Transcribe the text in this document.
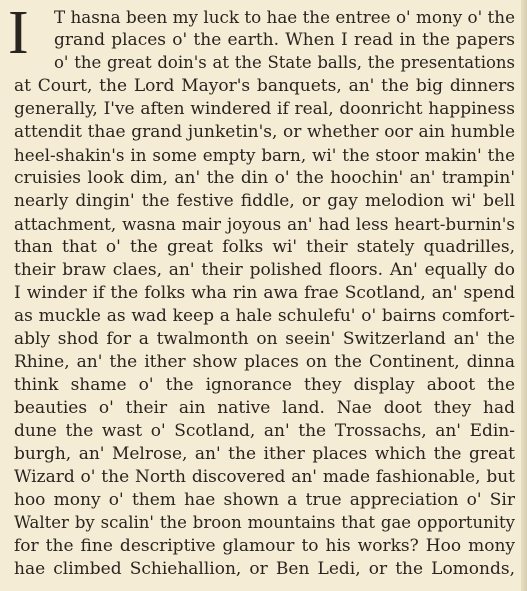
I T hasna been my luck to hae the entree o' mony o' the
grand places o' the earth. When I read in the papers
o' the great doin's at the State balls, the presentations
at Court, the Lord Mayor's banquets, an' the big dinners
generally, I've aften windered if real, doonricht happiness
attendit thae grand junketin's, or whether oor ain humble
heel-shakin's in some empty barn, wi' the stoor makin' the
cruisies look dim, an' the din o' the hoochin' an' trampin'
nearly dingin' the festive fiddle, or gay melodion wi' bell
attachment, wasna mair joyous an' had less heart-burnin's
than that o' the great folks wi' their stately quadrilles,
their braw claes, an' their polished floors. An' equally do
I winder if the folks wha rin awa frae Scotland, an' spend
as muckle as wad keep a hale schulefu' o' bairns comfort-
ably shod for a twalmonth on seein' Switzerland an' the
Rhine, an' the ither show places on the Continent, dinna
think shame o' the ignorance they display aboot the
beauties o' their ain native land. Nae doot they had
dune the wast o' Scotland, an' the Trossachs, an' Edin-
burgh, an' Melrose, an' the ither places which the great
Wizard o' the North discovered an' made fashionable, but
hoo mony o' them hae shown a true appreciation o' Sir
Walter by scalin' the broon mountains that gae opportunity
for the fine descriptive glamour to his works? Hoo mony
hae climbed Schiehallion, or Ben Ledi, or the Lomonds,
